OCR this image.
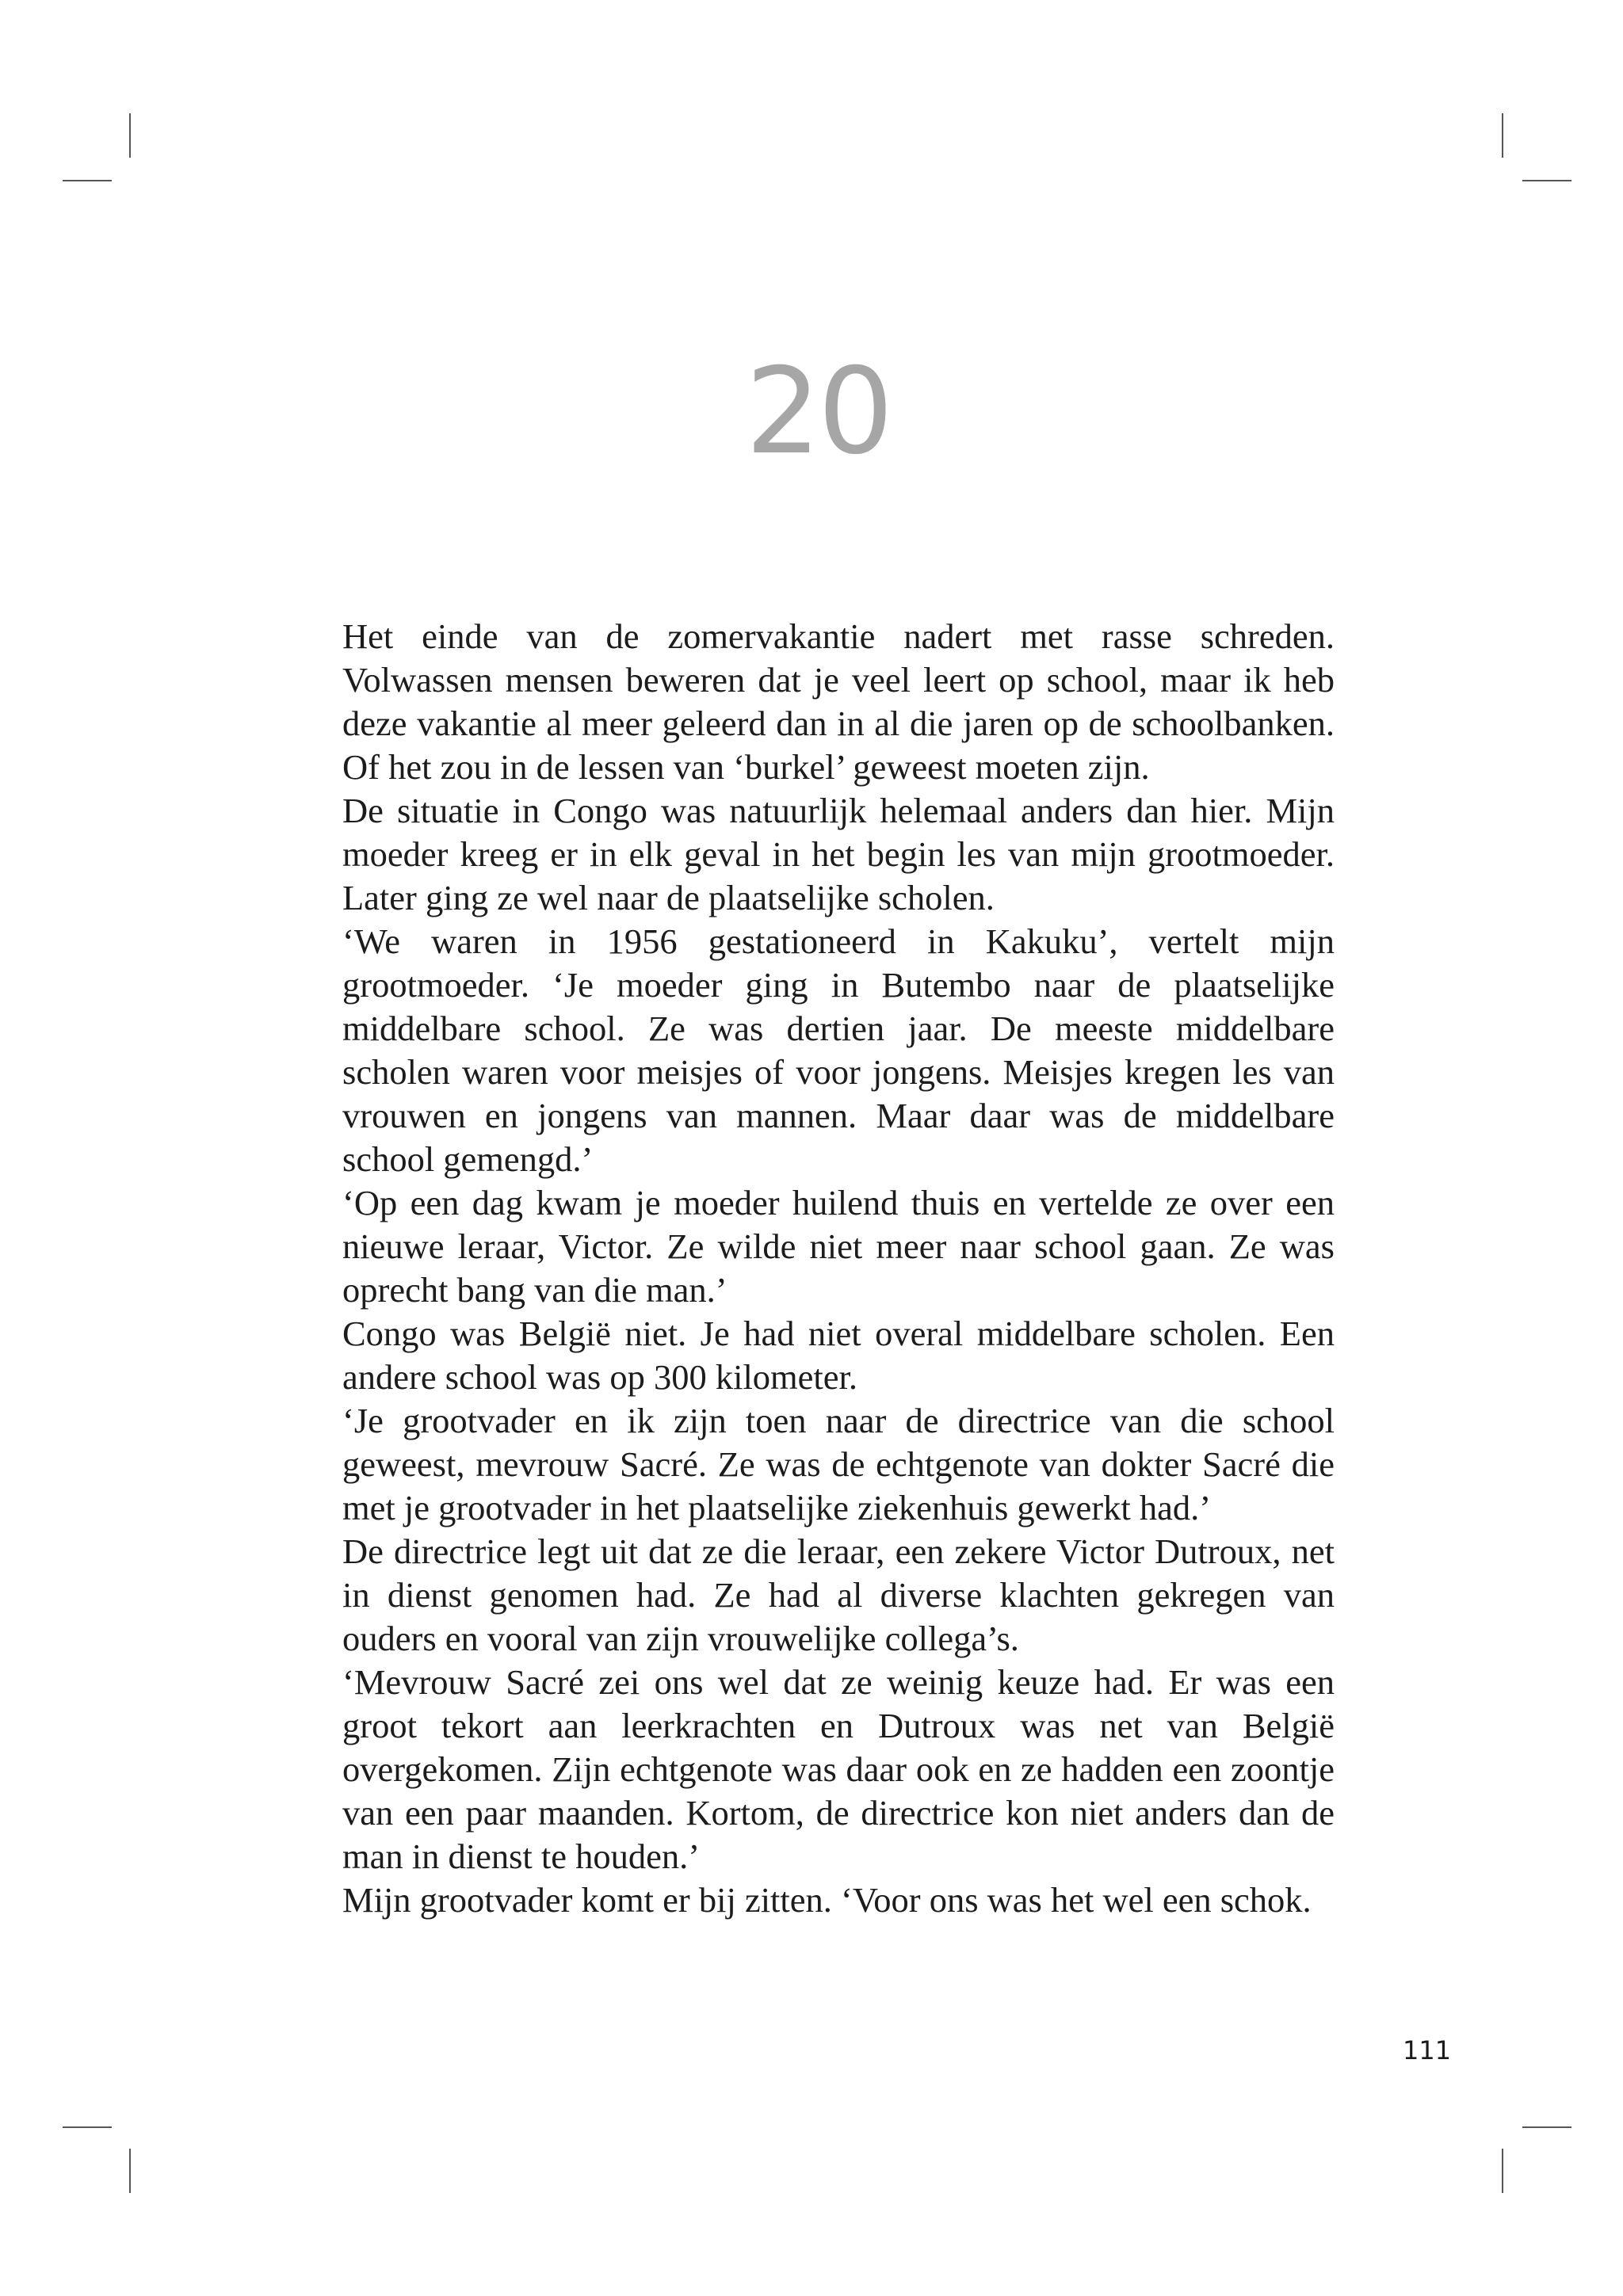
20

Het einde van de zomervakantie nadert met rasse schreden. Volwassen mensen beweren dat je veel leert op school, maar ik heb deze vakantie al meer geleerd dan in al die jaren op de schoolbanken. Of het zou in de lessen van ‘burkel’ geweest moeten zijn.

De situatie in Congo was natuurlijk helemaal anders dan hier. Mijn moeder kreeg er in elk geval in het begin les van mijn grootmoeder. Later ging ze wel naar de plaatselijke scholen.

‘We waren in 1956 gestationeerd in Kakuku’, vertelt mijn grootmoeder. ‘Je moeder ging in Butembo naar de plaatselijke middelbare school. Ze was dertien jaar. De meeste middelbare scholen waren voor meisjes of voor jongens. Meisjes kregen les van vrouwen en jongens van mannen. Maar daar was de middelbare school gemengd.’

‘Op een dag kwam je moeder huilend thuis en vertelde ze over een nieuwe leraar, Victor. Ze wilde niet meer naar school gaan. Ze was oprecht bang van die man.’

Congo was België niet. Je had niet overal middelbare scholen. Een andere school was op 300 kilometer.

‘Je grootvader en ik zijn toen naar de directrice van die school geweest, mevrouw Sacré. Ze was de echtgenote van dokter Sacré die met je grootvader in het plaatselijke ziekenhuis gewerkt had.’

De directrice legt uit dat ze die leraar, een zekere Victor Dutroux, net in dienst genomen had. Ze had al diverse klachten gekregen van ouders en vooral van zijn vrouwelijke collega’s.

‘Mevrouw Sacré zei ons wel dat ze weinig keuze had. Er was een groot tekort aan leerkrachten en Dutroux was net van België overgekomen. Zijn echtgenote was daar ook en ze hadden een zoontje van een paar maanden. Kortom, de directrice kon niet anders dan de man in dienst te houden.’

Mijn grootvader komt er bij zitten. ‘Voor ons was het wel een schok.

111
